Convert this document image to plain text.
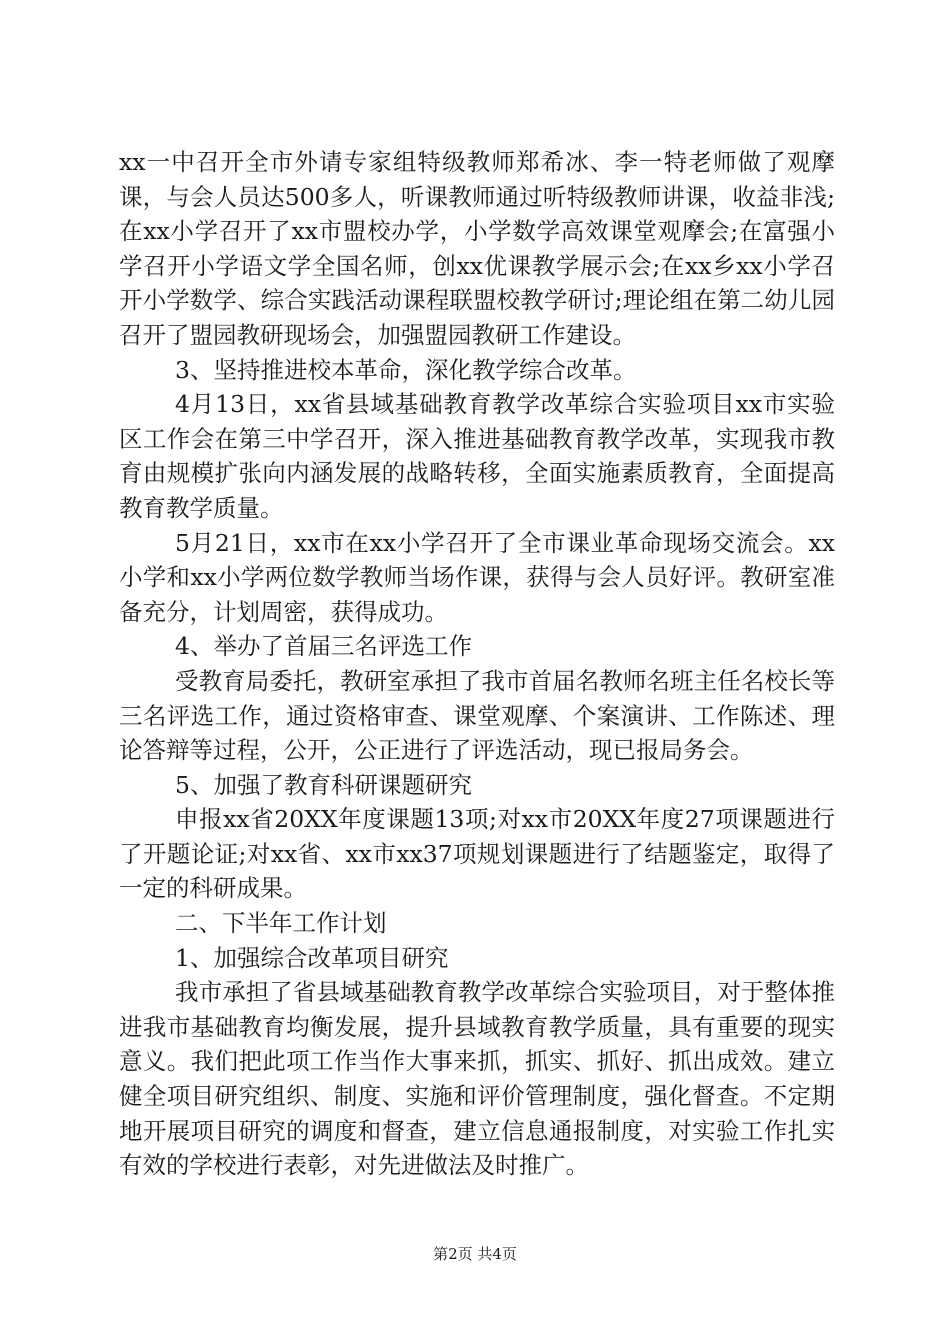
xx一中召开全市外请专家组特级教师郑希冰、李一特老师做了观摩课，与会人员达500多人，听课教师通过听特级教师讲课，收益非浅;在xx小学召开了xx市盟校办学，小学数学高效课堂观摩会;在富强小学召开小学语文学全国名师，创xx优课教学展示会;在xx乡xx小学召开小学数学、综合实践活动课程联盟校教学研讨;理论组在第二幼儿园召开了盟园教研现场会，加强盟园教研工作建设。

3、坚持推进校本革命，深化教学综合改革。

4月13日，xx省县域基础教育教学改革综合实验项目xx市实验区工作会在第三中学召开，深入推进基础教育教学改革，实现我市教育由规模扩张向内涵发展的战略转移，全面实施素质教育，全面提高教育教学质量。

5月21日，xx市在xx小学召开了全市课业革命现场交流会。xx小学和xx小学两位数学教师当场作课，获得与会人员好评。教研室准备充分，计划周密，获得成功。

4、举办了首届三名评选工作

受教育局委托，教研室承担了我市首届名教师名班主任名校长等三名评选工作，通过资格审查、课堂观摩、个案演讲、工作陈述、理论答辩等过程，公开，公正进行了评选活动，现已报局务会。

5、加强了教育科研课题研究

申报xx省20XX年度课题13项;对xx市20XX年度27项课题进行了开题论证;对xx省、xx市xx37项规划课题进行了结题鉴定，取得了一定的科研成果。

二、下半年工作计划

1、加强综合改革项目研究

我市承担了省县域基础教育教学改革综合实验项目，对于整体推进我市基础教育均衡发展，提升县域教育教学质量，具有重要的现实意义。我们把此项工作当作大事来抓，抓实、抓好、抓出成效。建立健全项目研究组织、制度、实施和评价管理制度，强化督查。不定期地开展项目研究的调度和督查，建立信息通报制度，对实验工作扎实有效的学校进行表彰，对先进做法及时推广。

第2页 共4页
